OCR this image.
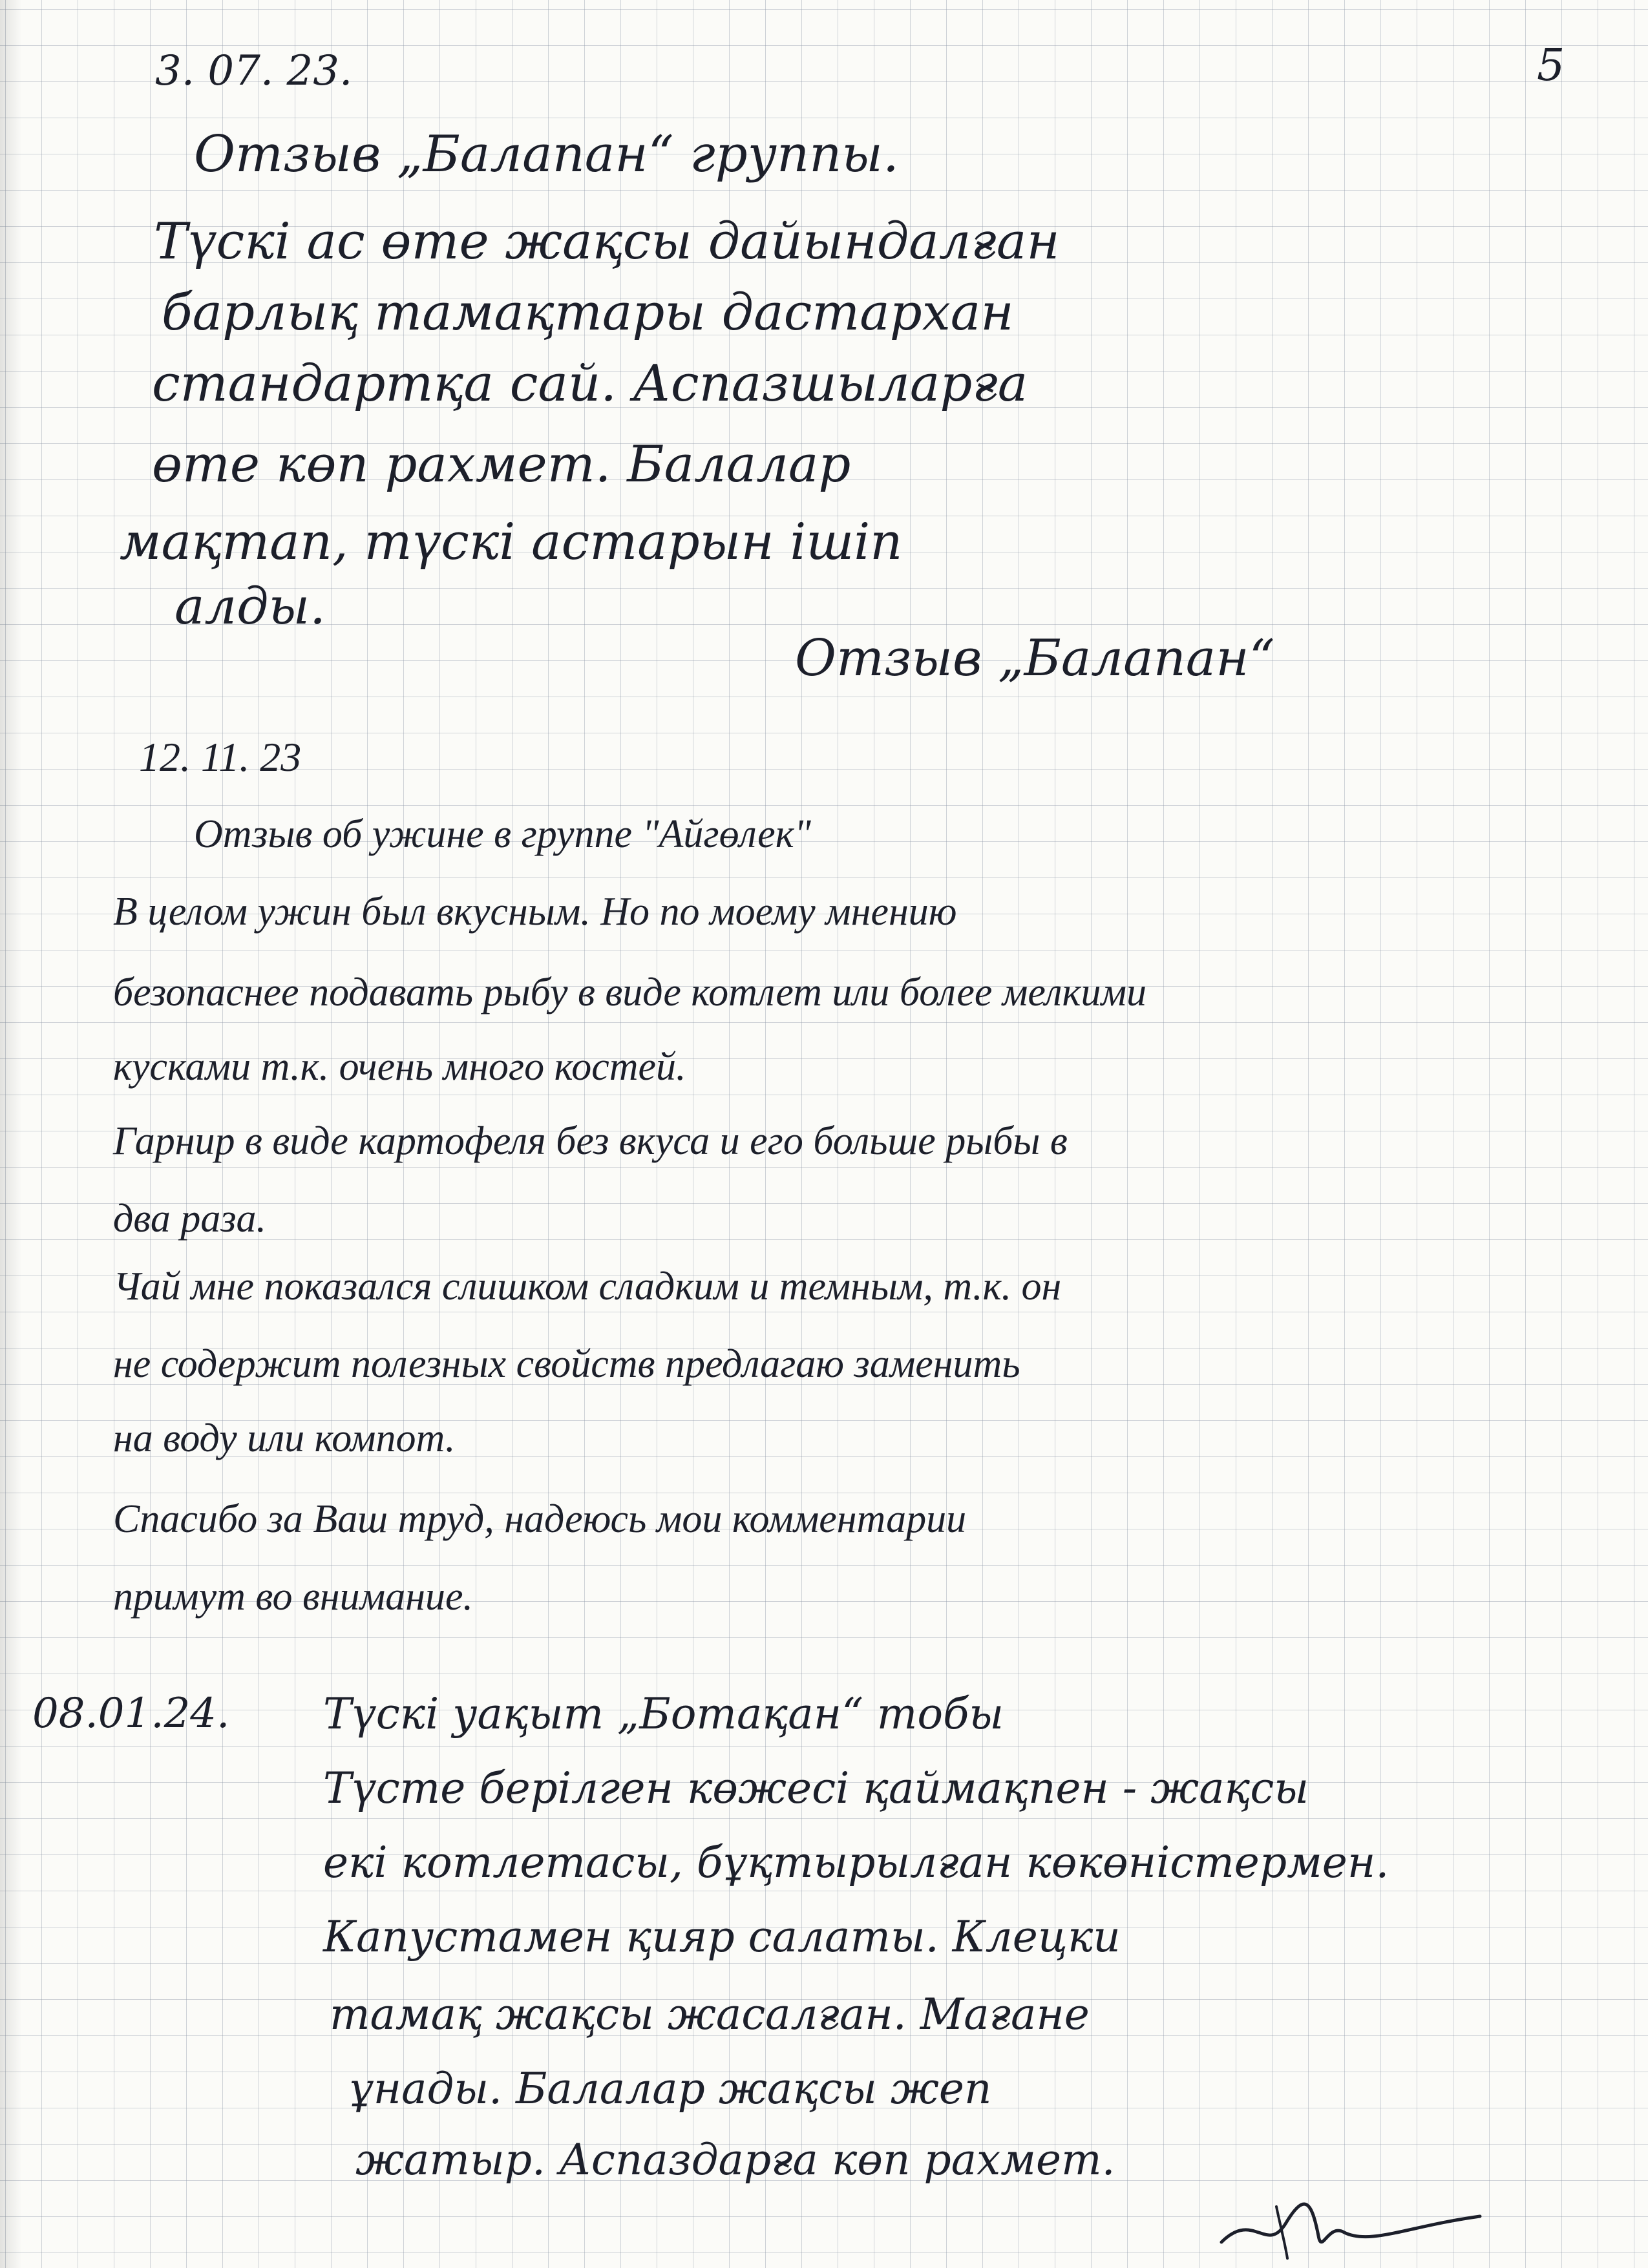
5
3. 07. 23.
Отзыв „Балапан“ группы.
Түскі ас өте жақсы дайындалған
барлық тамақтары дастархан
стандартқа сай. Аспазшыларға
өте көп рахмет. Балалар
мақтап, түскі астарын ішіп
алды.
Отзыв „Балапан“
12. 11. 23
Отзыв об ужине в группе "Айгөлек"
В целом ужин был вкусным. Но по моему мнению
безопаснее подавать рыбу в виде котлет или более мелкими
кусками т.к. очень много костей.
Гарнир в виде картофеля без вкуса и его больше рыбы в
два раза.
Чай мне показался слишком сладким и темным, т.к. он
не содержит полезных свойств предлагаю заменить
на воду или компот.
Спасибо за Ваш труд, надеюсь мои комментарии
примут во внимание.
08.01.24. Түскі уақыт „Ботақан“ тобы
Түсте берілген көжесі қаймақпен - жақсы
екі котлетасы, бұқтырылған көкөністермен.
Капустамен қияр салаты. Клецки
тамақ жақсы жасалған. Мағане
ұнады. Балалар жақсы жеп
жатыр. Аспаздарға көп рахмет.
